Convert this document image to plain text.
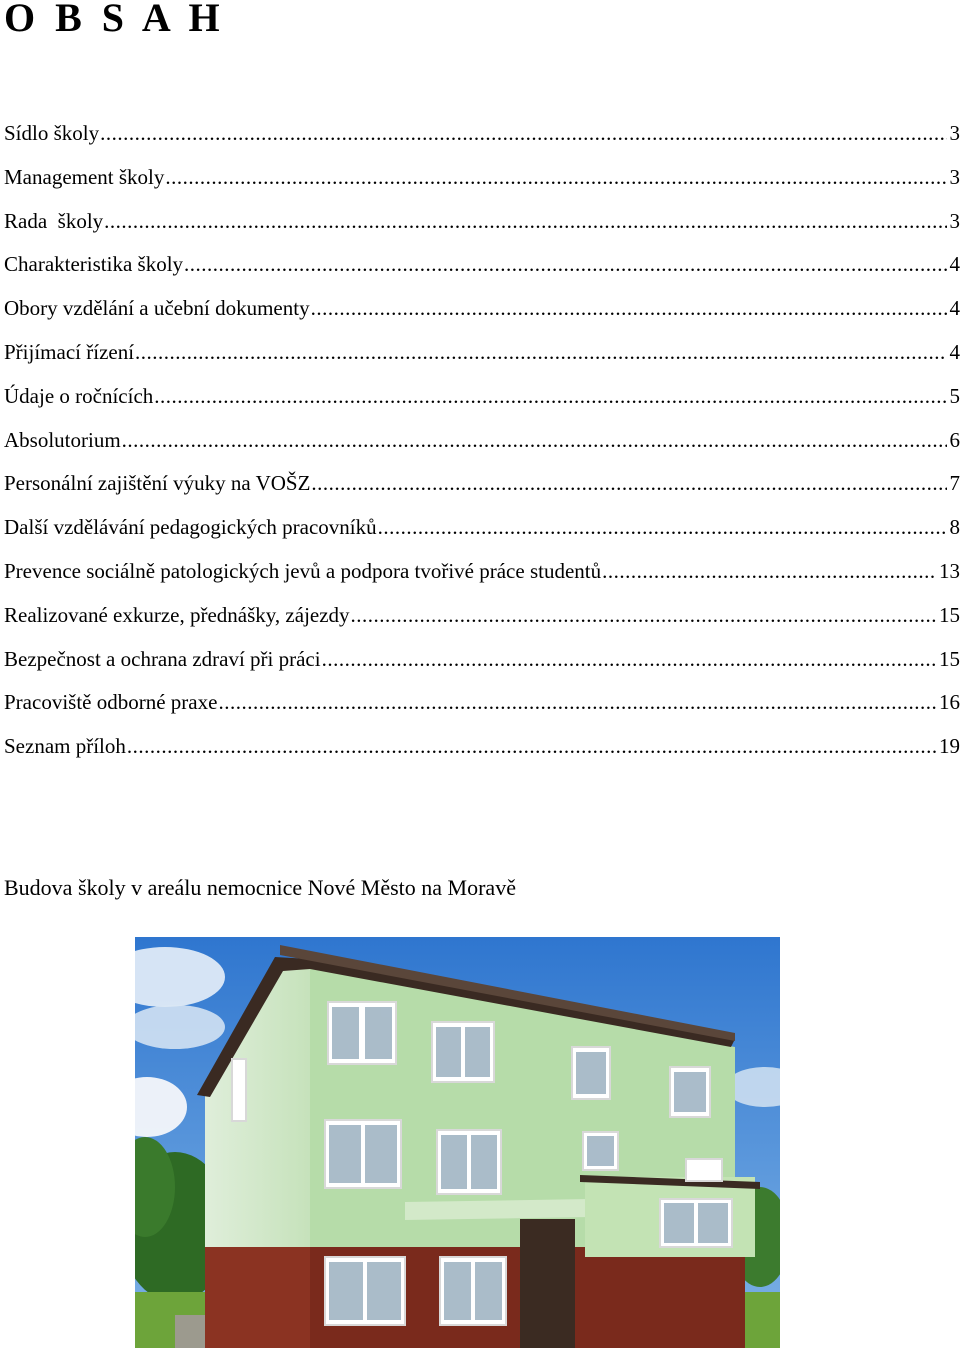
O B S A H
Sídlo školy .....	3
Management školy .....	3
Rada  školy .....	3
Charakteristika školy .....	4
Obory vzdělání a učební dokumenty .....	4
Přijímací řízení .....	4
Údaje o ročnících .....	5
Absolutorium .....	6
Personální zajištění výuky na VOŠZ .....	7
Další vzdělávání pedagogických pracovníků .....	8
Prevence sociálně patologických jevů a podpora tvořivé práce studentů .....	13
Realizované exkurze, přednášky, zájezdy .....	15
Bezpečnost a ochrana zdraví při práci .....	15
Pracoviště odborné praxe .....	16
Seznam příloh .....	19

Budova školy v areálu nemocnice Nové Město na Moravě
